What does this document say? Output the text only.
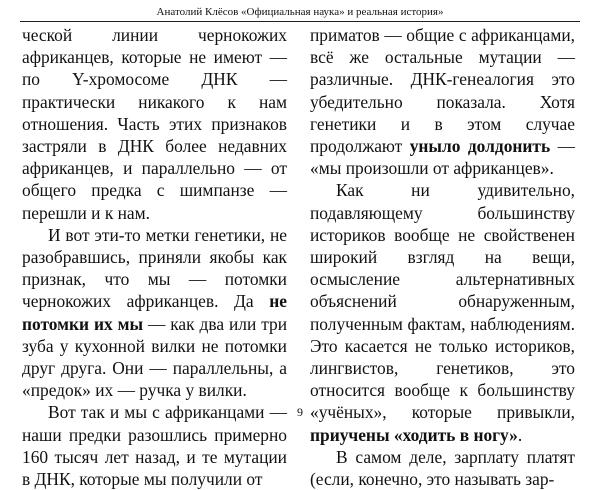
Анатолий Клёсов «Официальная наука» и реальная история»

ческой линии чернокожих африканцев, которые не имеют — по Y-хромосоме ДНК — практически никакого к нам отношения. Часть этих признаков застряли в ДНК более недавних африканцев, и параллельно — от общего предка с шимпанзе — перешли и к нам.

И вот эти-то метки генетики, не разобравшись, приняли якобы как признак, что мы — потомки чернокожих африканцев. Да не потомки их мы — как два или три зуба у кухонной вилки не потомки друг друга. Они — параллельны, а «предок» их — ручка у вилки.

Вот так и мы с африканцами — наши предки разошлись примерно 160 тысяч лет назад, и те мутации в ДНК, которые мы получили от

приматов — общие с африканцами, всё же остальные мутации — различные. ДНК-генеалогия это убедительно показала. Хотя генетики и в этом случае продолжают уныло долдонить — «мы произошли от африканцев».

Как ни удивительно, подавляющему большинству историков вообще не свойственен широкий взгляд на вещи, осмысление альтернативных объяснений обнаруженным, полученным фактам, наблюдениям. Это касается не только историков, лингвистов, генетиков, это относится вообще к большинству «учёных», которые привыкли, приучены «ходить в ногу».

В самом деле, зарплату платят (если, конечно, это называть зар-

9
